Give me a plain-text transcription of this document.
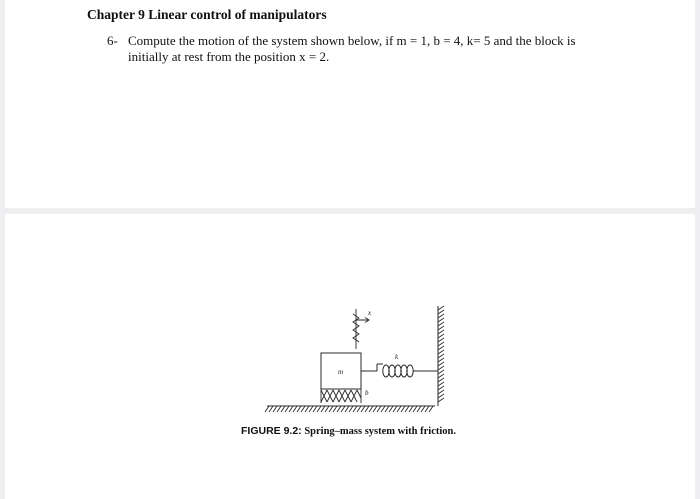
Chapter 9 Linear control of manipulators
6- Compute the motion of the system shown below, if m = 1, b = 4, k= 5 and the block is
initially at rest from the position x = 2.
m
k
b
x
FIGURE 9.2: Spring–mass system with friction.
